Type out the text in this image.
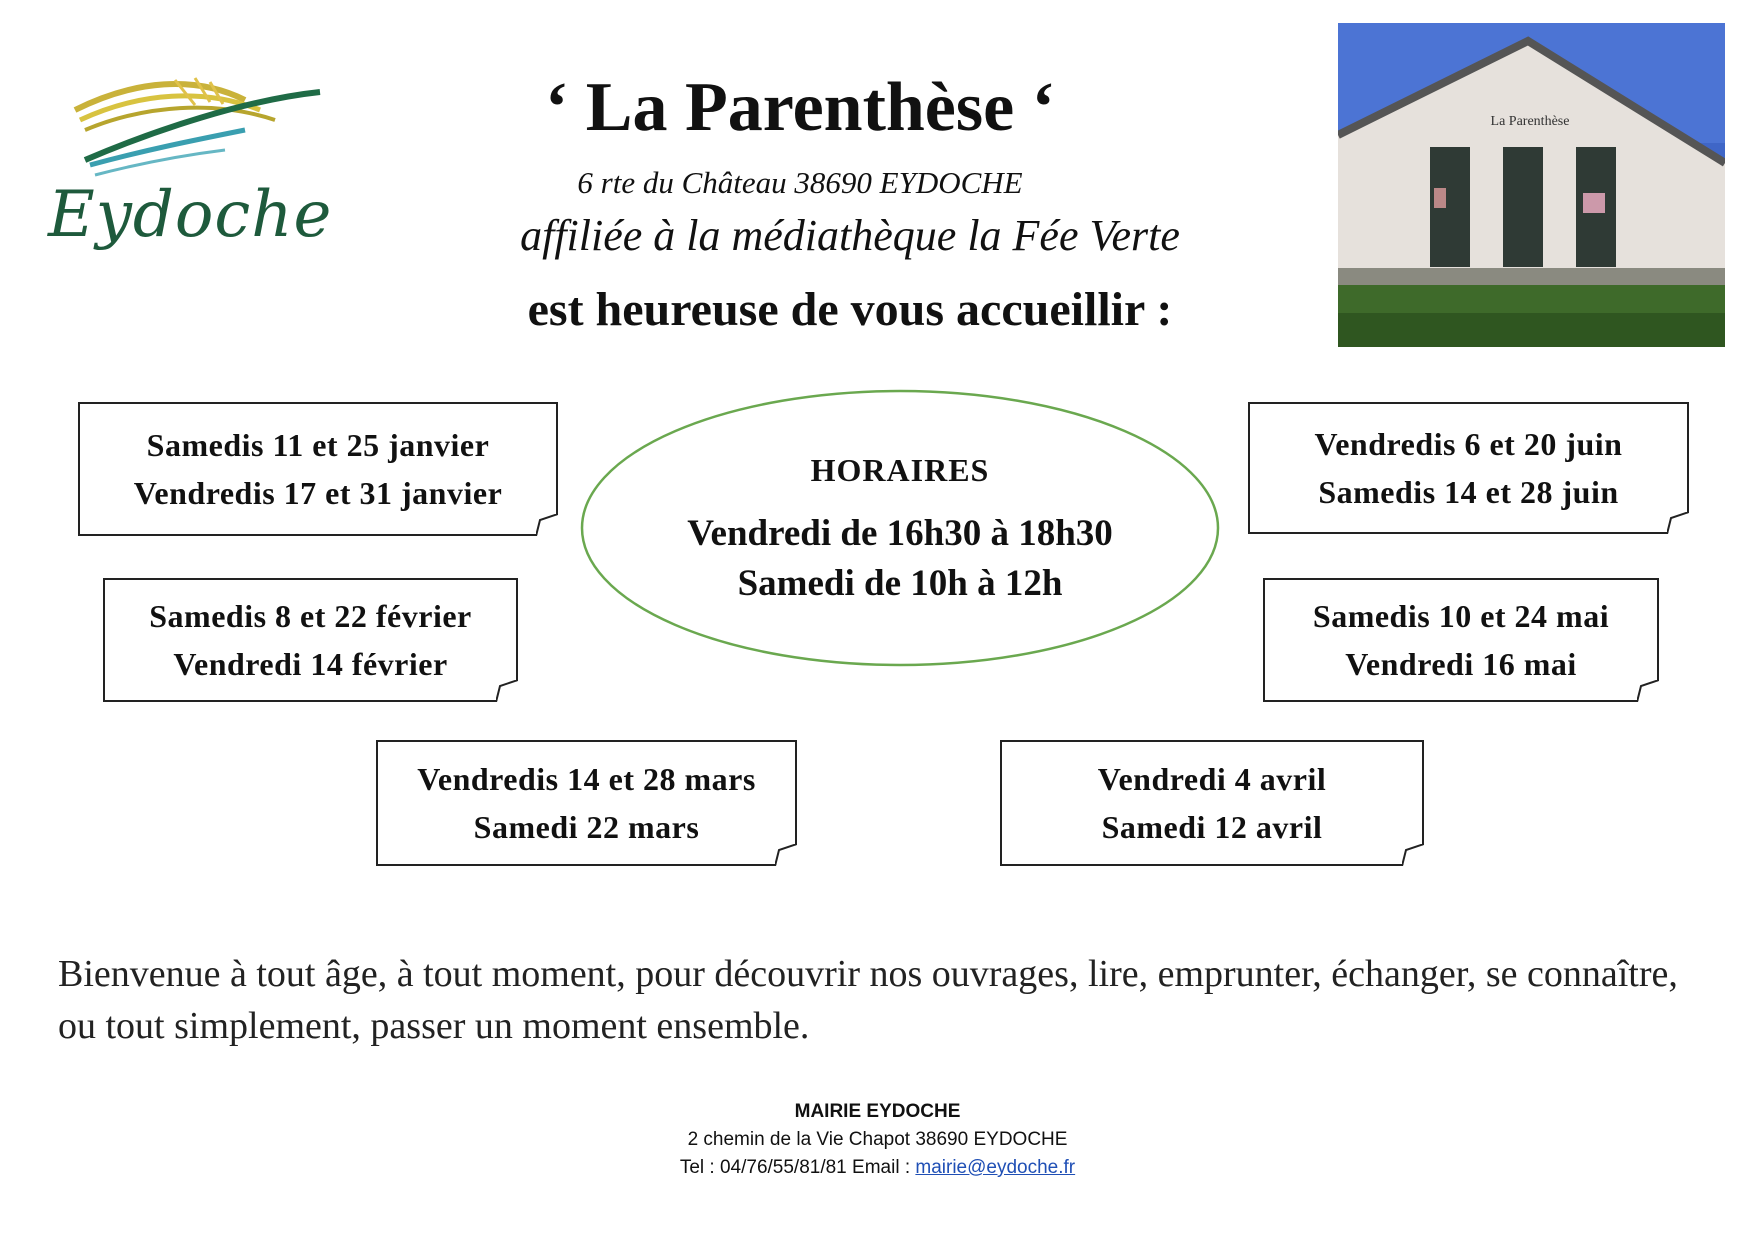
Eydoche
‘ La Parenthèse ‘
6 rte du Château 38690 EYDOCHE
affiliée à la médiathèque la Fée Verte
est heureuse de vous accueillir :
La Parenthèse
Samedis 11 et 25 janvier
Vendredis 17 et 31 janvier
Samedis 8 et 22 février
Vendredi 14 février
Vendredis 14 et 28 mars
Samedi 22 mars
Vendredi 4 avril
Samedi 12 avril
Samedis 10 et 24 mai
Vendredi 16 mai
Vendredis 6 et 20 juin
Samedis 14 et 28 juin
HORAIRES
Vendredi de 16h30 à 18h30
Samedi de 10h à 12h
Bienvenue à tout âge, à tout moment, pour découvrir nos ouvrages, lire, emprunter, échanger, se connaître, ou tout simplement, passer un moment ensemble.
MAIRIE EYDOCHE
2 chemin de la Vie Chapot 38690 EYDOCHE
Tel : 04/76/55/81/81 Email : mairie@eydoche.fr
